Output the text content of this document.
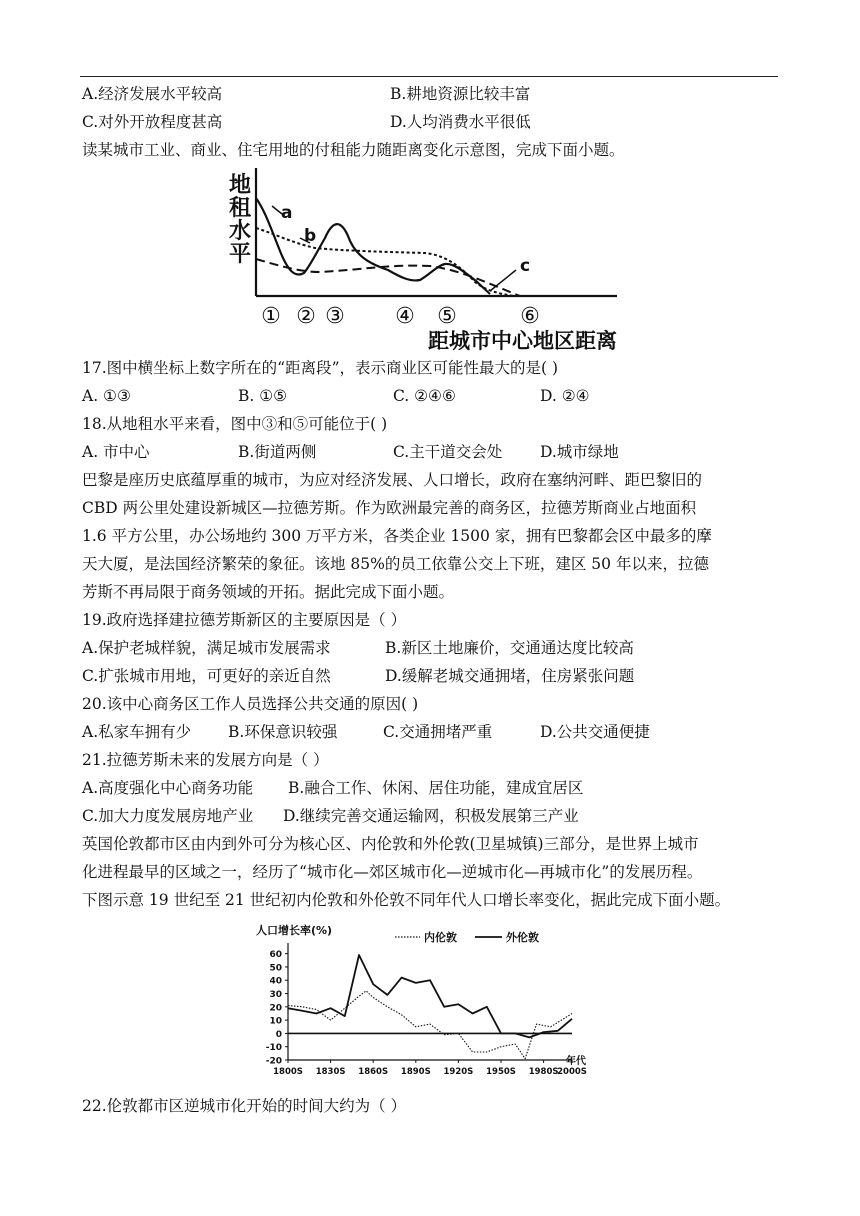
A.经济发展水平较高	B.耕地资源比较丰富
C.对外开放程度甚高	D.人均消费水平很低
读某城市工业、商业、住宅用地的付租能力随距离变化示意图，完成下面小题。
地
租
水
平
a
b
c
① ② ③ ④ ⑤	⑥
距城市中心地区距离
17.图中横坐标上数字所在的“距离段”，表示商业区可能性最大的是( )
A. ①③	B. ①⑤	C. ②④⑥	D. ②④
18.从地租水平来看，图中③和⑤可能位于( )
A. 市中心	B.街道两侧	C.主干道交会处 D.城市绿地
巴黎是座历史底蕴厚重的城市，为应对经济发展、人口增长，政府在塞纳河畔、距巴黎旧的
CBD 两公里处建设新城区—拉德芳斯。作为欧洲最完善的商务区，拉德芳斯商业占地面积
1.6 平方公里，办公场地约 300 万平方米，各类企业 1500 家，拥有巴黎都会区中最多的摩
天大厦，是法国经济繁荣的象征。该地 85%的员工依靠公交上下班，建区 50 年以来，拉德
芳斯不再局限于商务领域的开拓。据此完成下面小题。
19.政府选择建拉德芳斯新区的主要原因是（ ）
A.保护老城样貌，满足城市发展需求	B.新区土地廉价，交通通达度比较高
C.扩张城市用地，可更好的亲近自然	D.缓解老城交通拥堵，住房紧张问题
20.该中心商务区工作人员选择公共交通的原因( )
A.私家车拥有少 B.环保意识较强	C.交通拥堵严重	D.公共交通便捷
21.拉德芳斯未来的发展方向是（ ）
A.高度强化中心商务功能 B.融合工作、休闲、居住功能，建成宜居区
C.加大力度发展房地产业 D.继续完善交通运输网，积极发展第三产业
英国伦敦都市区由内到外可分为核心区、内伦敦和外伦敦(卫星城镇)三部分，是世界上城市
化进程最早的区域之一，经历了“城市化—郊区城市化—逆城市化—再城市化”的发展历程。
下图示意 19 世纪至 21 世纪初内伦敦和外伦敦不同年代人口增长率变化，据此完成下面小题。
人口增长率(%)
内伦敦	外伦敦
-20
-10
0
10
20
30
40
50
60
1800S 1830S 1860S 1890S 1920S 1950S 1980S
2000S
年代
22.伦敦都市区逆城市化开始的时间大约为（ ）
